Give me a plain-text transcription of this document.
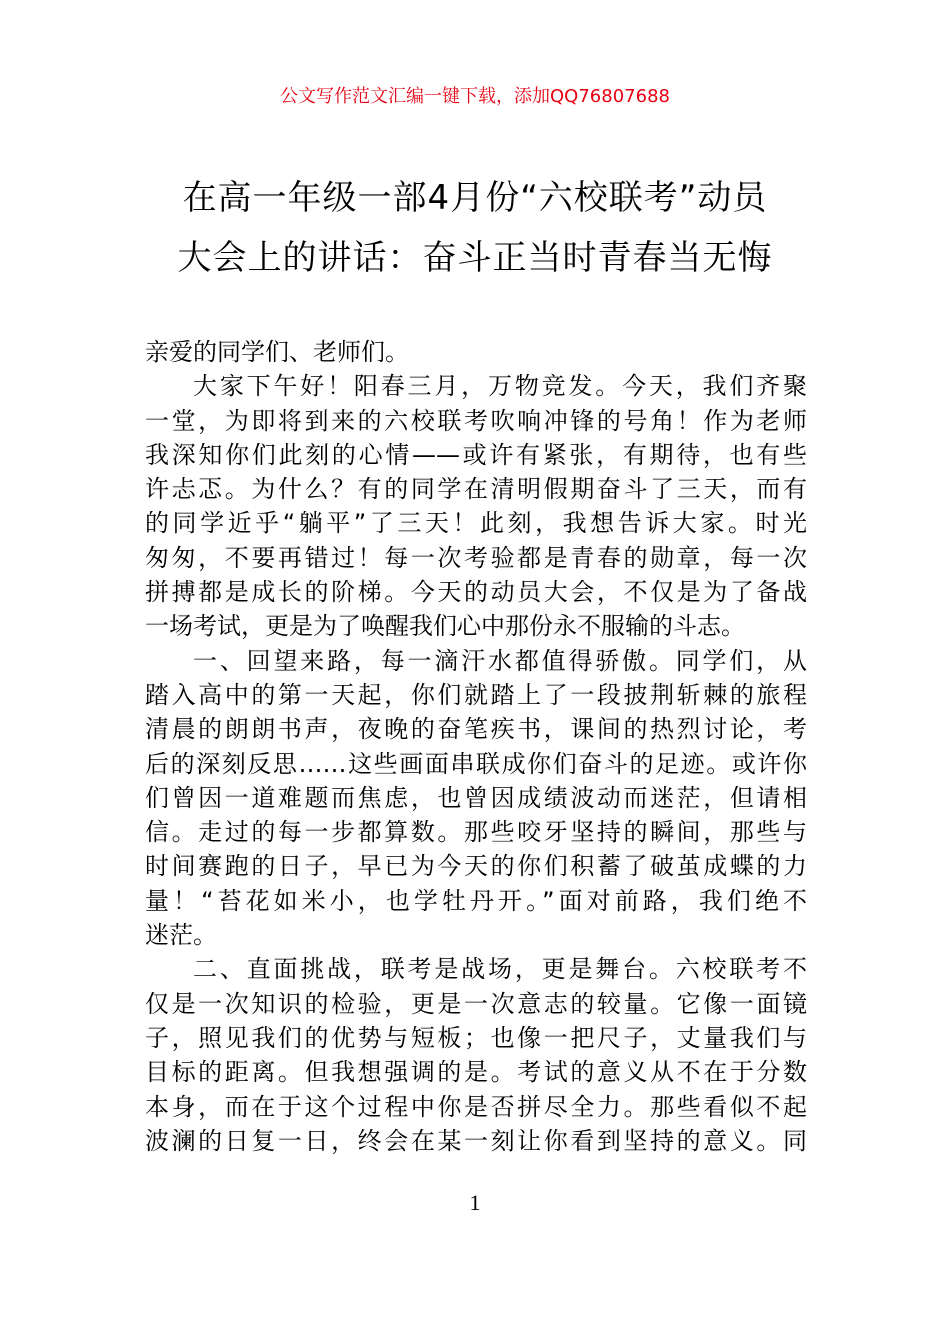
公文写作范文汇编一键下载，添加QQ76807688
在高一年级一部4月份“六校联考”动员
大会上的讲话：奋斗正当时青春当无悔
亲爱的同学们、老师们。
大家下午好！阳春三月，万物竞发。今天，我们齐聚
一堂，为即将到来的六校联考吹响冲锋的号角！作为老师
我深知你们此刻的心情——或许有紧张，有期待，也有些
许忐忑。为什么？有的同学在清明假期奋斗了三天，而有
的同学近乎“躺平”了三天！此刻，我想告诉大家。时光
匆匆，不要再错过！每一次考验都是青春的勋章，每一次
拼搏都是成长的阶梯。今天的动员大会，不仅是为了备战
一场考试，更是为了唤醒我们心中那份永不服输的斗志。
一、回望来路，每一滴汗水都值得骄傲。同学们，从
踏入高中的第一天起，你们就踏上了一段披荆斩棘的旅程
清晨的朗朗书声，夜晚的奋笔疾书，课间的热烈讨论，考
后的深刻反思……这些画面串联成你们奋斗的足迹。或许你
们曾因一道难题而焦虑，也曾因成绩波动而迷茫，但请相
信。走过的每一步都算数。那些咬牙坚持的瞬间，那些与
时间赛跑的日子，早已为今天的你们积蓄了破茧成蝶的力
量！“苔花如米小，也学牡丹开。”面对前路，我们绝不
迷茫。
二、直面挑战，联考是战场，更是舞台。六校联考不
仅是一次知识的检验，更是一次意志的较量。它像一面镜
子，照见我们的优势与短板；也像一把尺子，丈量我们与
目标的距离。但我想强调的是。考试的意义从不在于分数
本身，而在于这个过程中你是否拼尽全力。那些看似不起
波澜的日复一日，终会在某一刻让你看到坚持的意义。同
1
